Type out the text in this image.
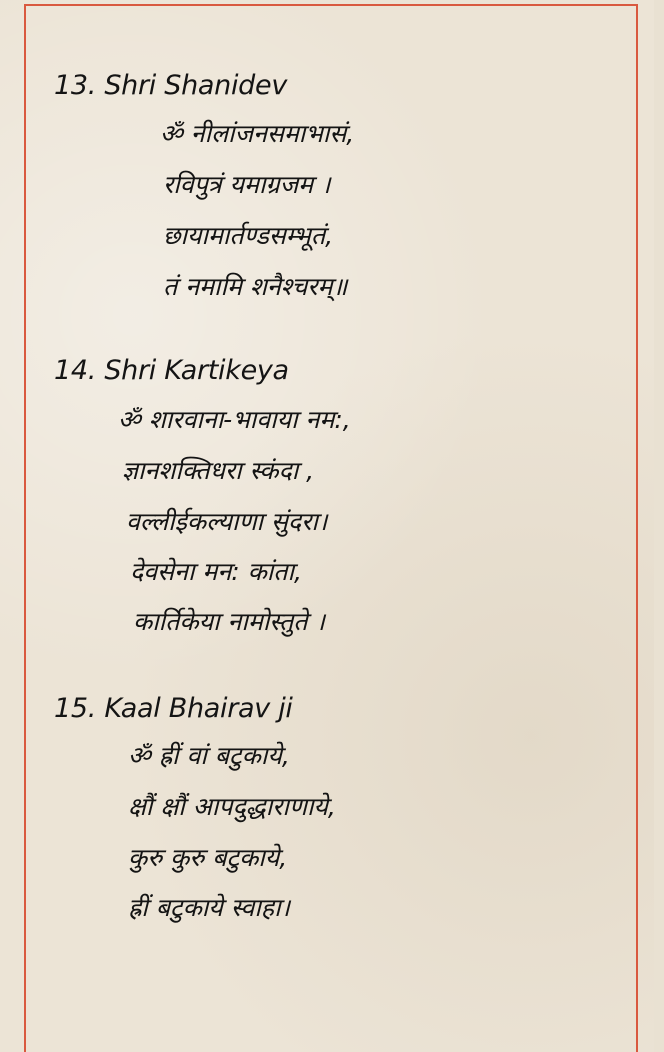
13. Shri Shanidev
ॐ नीलांजनसमाभासं,
रविपुत्रं यमाग्रजम ।
छायामार्तण्डसम्भूतं,
तं नमामि शनैश्चरम्॥
14. Shri Kartikeya
ॐ शारवाना-भावाया नम:,
ज्ञानशक्तिधरा स्कंदा ,
वल्लीईकल्याणा सुंदरा।
देवसेना मन: कांता,
कार्तिकेया नामोस्तुते ।
15. Kaal Bhairav ji
ॐ ह्रीं वां बटुकाये,
क्षौं क्षौं आपदुद्धाराणाये,
कुरु कुरु बटुकाये,
ह्रीं बटुकाये स्वाहा।
